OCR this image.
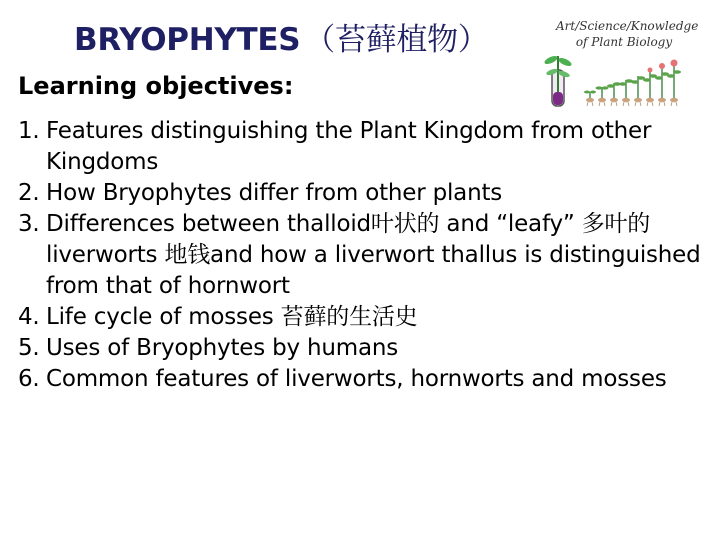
BRYOPHYTES （苔藓植物）	Art/Science/Knowledge
of Plant Biology
Learning objectives:
1. Features distinguishing the Plant Kingdom from other Kingdoms
2. How Bryophytes differ from other plants
3. Differences between thalloid叶状的 and “leafy” 多叶的liverworts 地钱and how a liverwort thallus is distinguished from that of hornwort
4. Life cycle of mosses 苔藓的生活史
5. Uses of Bryophytes by humans
6. Common features of liverworts, hornworts and mosses
